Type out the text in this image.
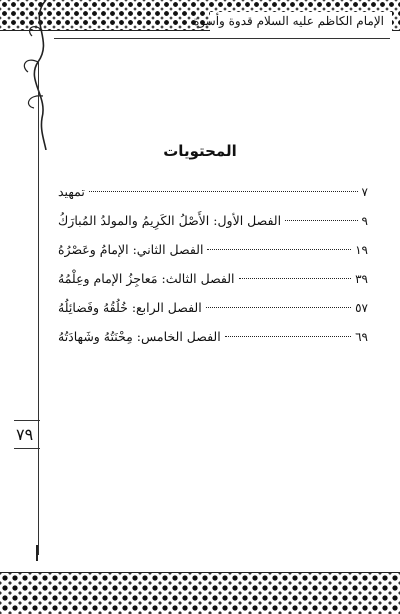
الإمام الكاظم عليه السلام قدوة وأسوة
المحتويات
تمهيد	٧
الفصل الأول: الأَصْلُ الكَرِيمُ والمولدُ المُبارَكُ	٩
الفصل الثاني: الإمامُ وعَصْرُهُ	١٩
الفصل الثالث: مَعاجِزُ الإمام وعِلْمُهُ	٣٩
الفصل الرابع: خُلُقُهُ وفَضائِلُهُ	٥٧
الفصل الخامس: مِحْنَتُهُ وشَهادَتُهُ	٦٩
٧٩
